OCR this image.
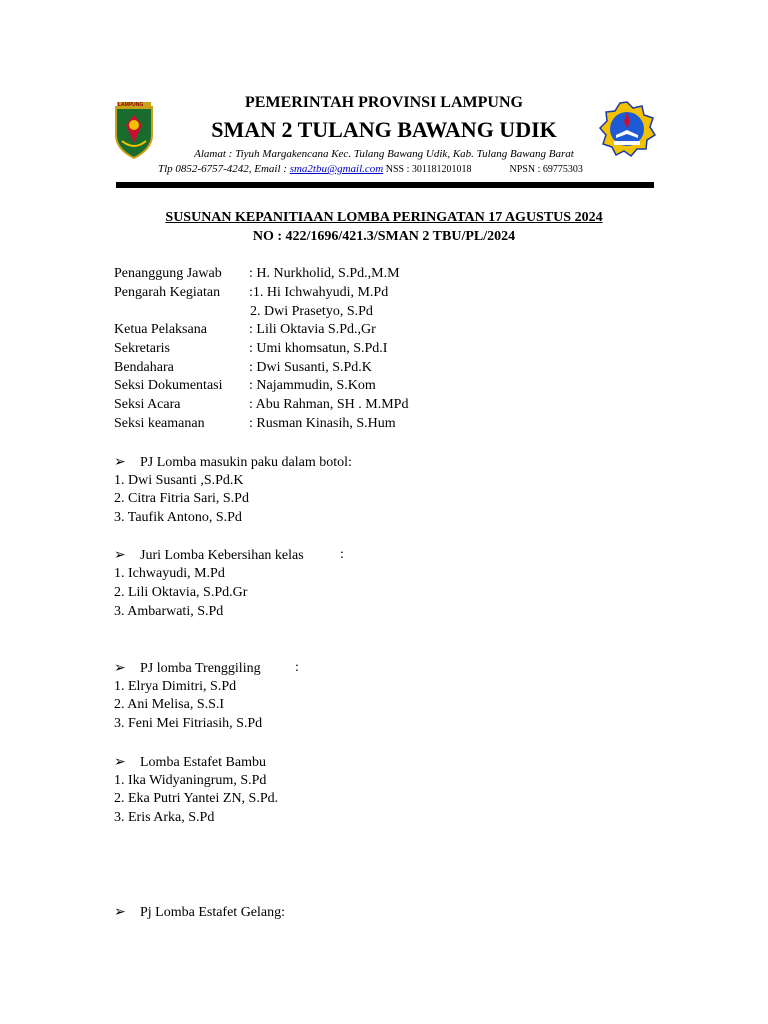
LAMPUNG	PEMERINTAH PROVINSI LAMPUNG
SMAN 2 TULANG BAWANG UDIK
Alamat : Tiyuh Margakencana Kec. Tulang Bawang Udik, Kab. Tulang Bawang Barat
Tlp 0852-6757-4242, Email : sma2tbu@gmail.com NSS : 301181201018	NPSN : 69775303
SUSUNAN KEPANITIAAN LOMBA PERINGATAN 17 AGUSTUS 2024
NO : 422/1696/421.3/SMAN 2 TBU/PL/2024
Penanggung Jawab : H. Nurkholid, S.Pd.,M.M
Pengarah Kegiatan :1. Hi Ichwahyudi, M.Pd
2. Dwi Prasetyo, S.Pd
Ketua Pelaksana	: Lili Oktavia S.Pd.,Gr
Sekretaris	: Umi khomsatun, S.Pd.I
Bendahara	: Dwi Susanti, S.Pd.K
Seksi Dokumentasi : Najammudin, S.Kom
Seksi Acara	: Abu Rahman, SH . M.MPd
Seksi keamanan	: Rusman Kinasih, S.Hum
➢ PJ Lomba masukin paku dalam botol:
1. Dwi Susanti ,S.Pd.K
2. Citra Fitria Sari, S.Pd
3. Taufik Antono, S.Pd
➢ Juri Lomba Kebersihan kelas	:
1. Ichwayudi, M.Pd
2. Lili Oktavia, S.Pd.Gr
3. Ambarwati, S.Pd
➢ PJ lomba Trenggiling :
1. Elrya Dimitri, S.Pd
2. Ani Melisa, S.S.I
3. Feni Mei Fitriasih, S.Pd
➢ Lomba Estafet Bambu
1. Ika Widyaningrum, S.Pd
2. Eka Putri Yantei ZN, S.Pd.
3. Eris Arka, S.Pd
➢ Pj Lomba Estafet Gelang:
